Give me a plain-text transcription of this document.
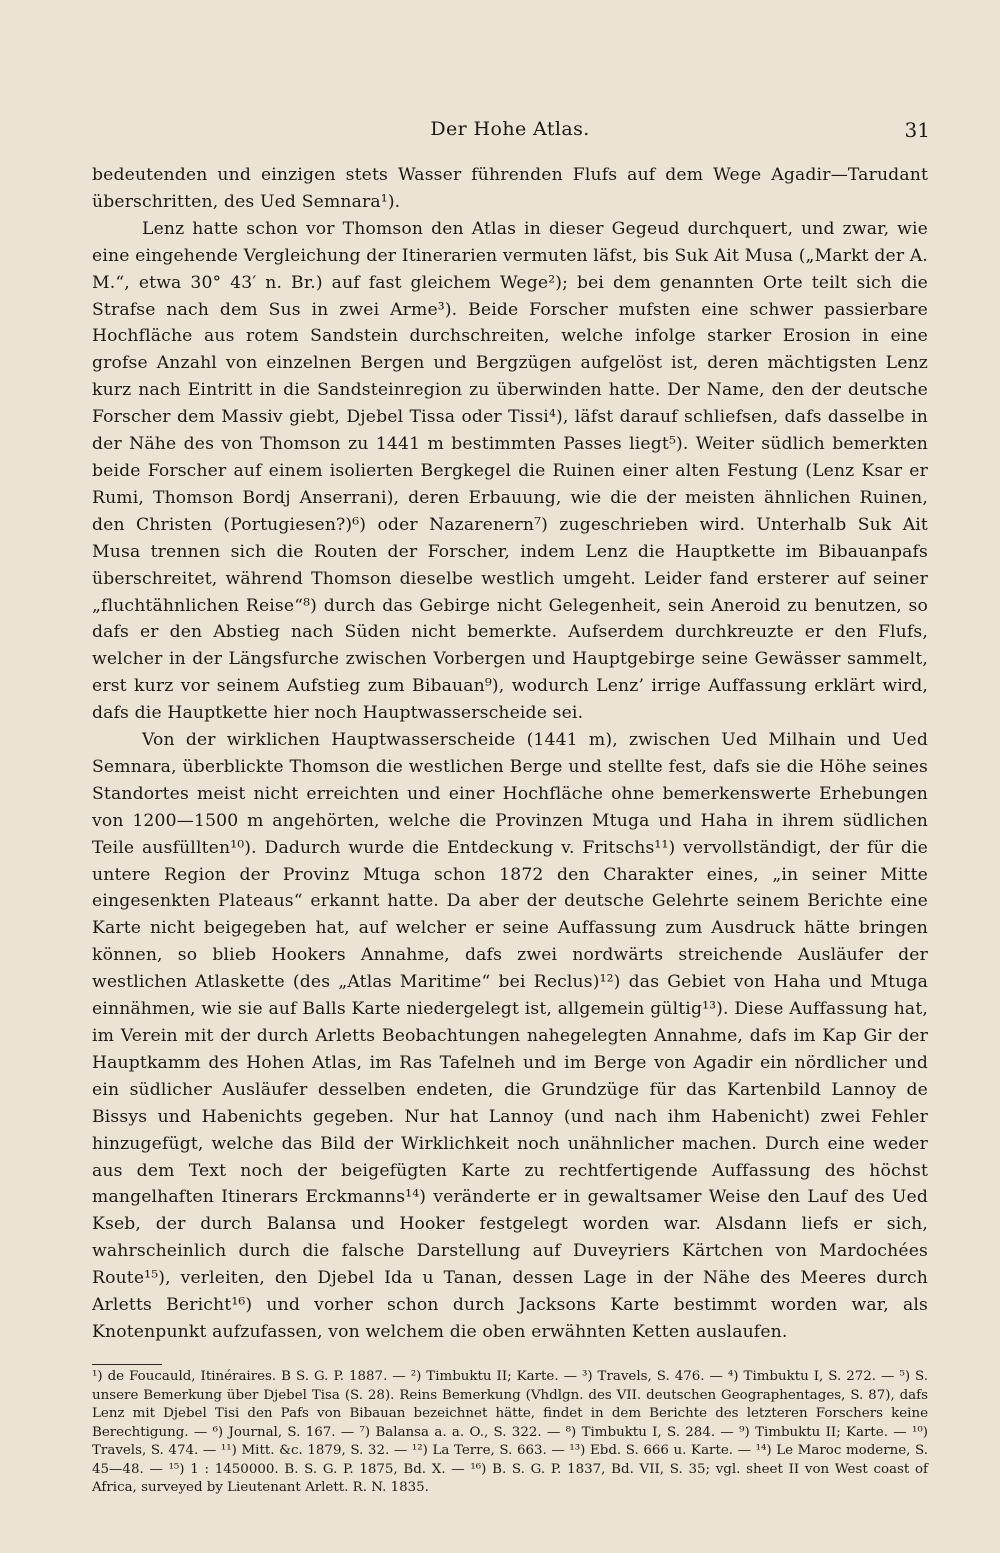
Der Hohe Atlas.	31

bedeutenden und einzigen stets Wasser führenden Flufs auf dem Wege Agadir—Tarudant überschritten, des Ued Semnara¹).

Lenz hatte schon vor Thomson den Atlas in dieser Gegeud durchquert, und zwar, wie eine eingehende Vergleichung der Itinerarien vermuten läfst, bis Suk Ait Musa („Markt der A. M.“, etwa 30° 43′ n. Br.) auf fast gleichem Wege²); bei dem genannten Orte teilt sich die Strafse nach dem Sus in zwei Arme³). Beide Forscher mufsten eine schwer passierbare Hochfläche aus rotem Sandstein durchschreiten, welche infolge starker Erosion in eine grofse Anzahl von einzelnen Bergen und Bergzügen aufgelöst ist, deren mächtigsten Lenz kurz nach Eintritt in die Sandsteinregion zu überwinden hatte. Der Name, den der deutsche Forscher dem Massiv giebt, Djebel Tissa oder Tissi⁴), läfst darauf schliefsen, dafs dasselbe in der Nähe des von Thomson zu 1441 m bestimmten Passes liegt⁵). Weiter südlich bemerkten beide Forscher auf einem isolierten Bergkegel die Ruinen einer alten Festung (Lenz Ksar er Rumi, Thomson Bordj Anserrani), deren Erbauung, wie die der meisten ähnlichen Ruinen, den Christen (Portugiesen?)⁶) oder Nazarenern⁷) zugeschrieben wird. Unterhalb Suk Ait Musa trennen sich die Routen der Forscher, indem Lenz die Hauptkette im Bibauanpafs überschreitet, während Thomson dieselbe westlich umgeht. Leider fand ersterer auf seiner „fluchtähnlichen Reise“⁸) durch das Gebirge nicht Gelegenheit, sein Aneroid zu benutzen, so dafs er den Abstieg nach Süden nicht bemerkte. Aufserdem durchkreuzte er den Flufs, welcher in der Längsfurche zwischen Vorbergen und Hauptgebirge seine Gewässer sammelt, erst kurz vor seinem Aufstieg zum Bibauan⁹), wodurch Lenz’ irrige Auffassung erklärt wird, dafs die Hauptkette hier noch Hauptwasserscheide sei.

Von der wirklichen Hauptwasserscheide (1441 m), zwischen Ued Milhain und Ued Semnara, überblickte Thomson die westlichen Berge und stellte fest, dafs sie die Höhe seines Standortes meist nicht erreichten und einer Hochfläche ohne bemerkenswerte Erhebungen von 1200—1500 m angehörten, welche die Provinzen Mtuga und Haha in ihrem südlichen Teile ausfüllten¹⁰). Dadurch wurde die Entdeckung v. Fritschs¹¹) vervollständigt, der für die untere Region der Provinz Mtuga schon 1872 den Charakter eines, „in seiner Mitte eingesenkten Plateaus“ erkannt hatte. Da aber der deutsche Gelehrte seinem Berichte eine Karte nicht beigegeben hat, auf welcher er seine Auffassung zum Ausdruck hätte bringen können, so blieb Hookers Annahme, dafs zwei nordwärts streichende Ausläufer der westlichen Atlaskette (des „Atlas Maritime“ bei Reclus)¹²) das Gebiet von Haha und Mtuga einnähmen, wie sie auf Balls Karte niedergelegt ist, allgemein gültig¹³). Diese Auffassung hat, im Verein mit der durch Arletts Beobachtungen nahegelegten Annahme, dafs im Kap Gir der Hauptkamm des Hohen Atlas, im Ras Tafelneh und im Berge von Agadir ein nördlicher und ein südlicher Ausläufer desselben endeten, die Grundzüge für das Kartenbild Lannoy de Bissys und Habenichts gegeben. Nur hat Lannoy (und nach ihm Habenicht) zwei Fehler hinzugefügt, welche das Bild der Wirklichkeit noch unähnlicher machen. Durch eine weder aus dem Text noch der beigefügten Karte zu rechtfertigende Auffassung des höchst mangelhaften Itinerars Erckmanns¹⁴) veränderte er in gewaltsamer Weise den Lauf des Ued Kseb, der durch Balansa und Hooker festgelegt worden war. Alsdann liefs er sich, wahrscheinlich durch die falsche Darstellung auf Duveyriers Kärtchen von Mardochées Route¹⁵), verleiten, den Djebel Ida u Tanan, dessen Lage in der Nähe des Meeres durch Arletts Bericht¹⁶) und vorher schon durch Jacksons Karte bestimmt worden war, als Knotenpunkt aufzufassen, von welchem die oben erwähnten Ketten auslaufen.

¹) de Foucauld, Itinéraires. B S. G. P. 1887. — ²) Timbuktu II; Karte. — ³) Travels, S. 476. — ⁴) Timbuktu I, S. 272. — ⁵) S. unsere Bemerkung über Djebel Tisa (S. 28). Reins Bemerkung (Vhdlgn. des VII. deutschen Geographentages, S. 87), dafs Lenz mit Djebel Tisi den Pafs von Bibauan bezeichnet hätte, findet in dem Berichte des letzteren Forschers keine Berechtigung. — ⁶) Journal, S. 167. — ⁷) Balansa a. a. O., S. 322. — ⁸) Timbuktu I, S. 284. — ⁹) Timbuktu II; Karte. — ¹⁰) Travels, S. 474. — ¹¹) Mitt. &c. 1879, S. 32. — ¹²) La Terre, S. 663. — ¹³) Ebd. S. 666 u. Karte. — ¹⁴) Le Maroc moderne, S. 45—48. — ¹⁵) 1 : 1450000. B. S. G. P. 1875, Bd. X. — ¹⁶) B. S. G. P. 1837, Bd. VII, S. 35; vgl. sheet II von West coast of Africa, surveyed by Lieutenant Arlett. R. N. 1835.
